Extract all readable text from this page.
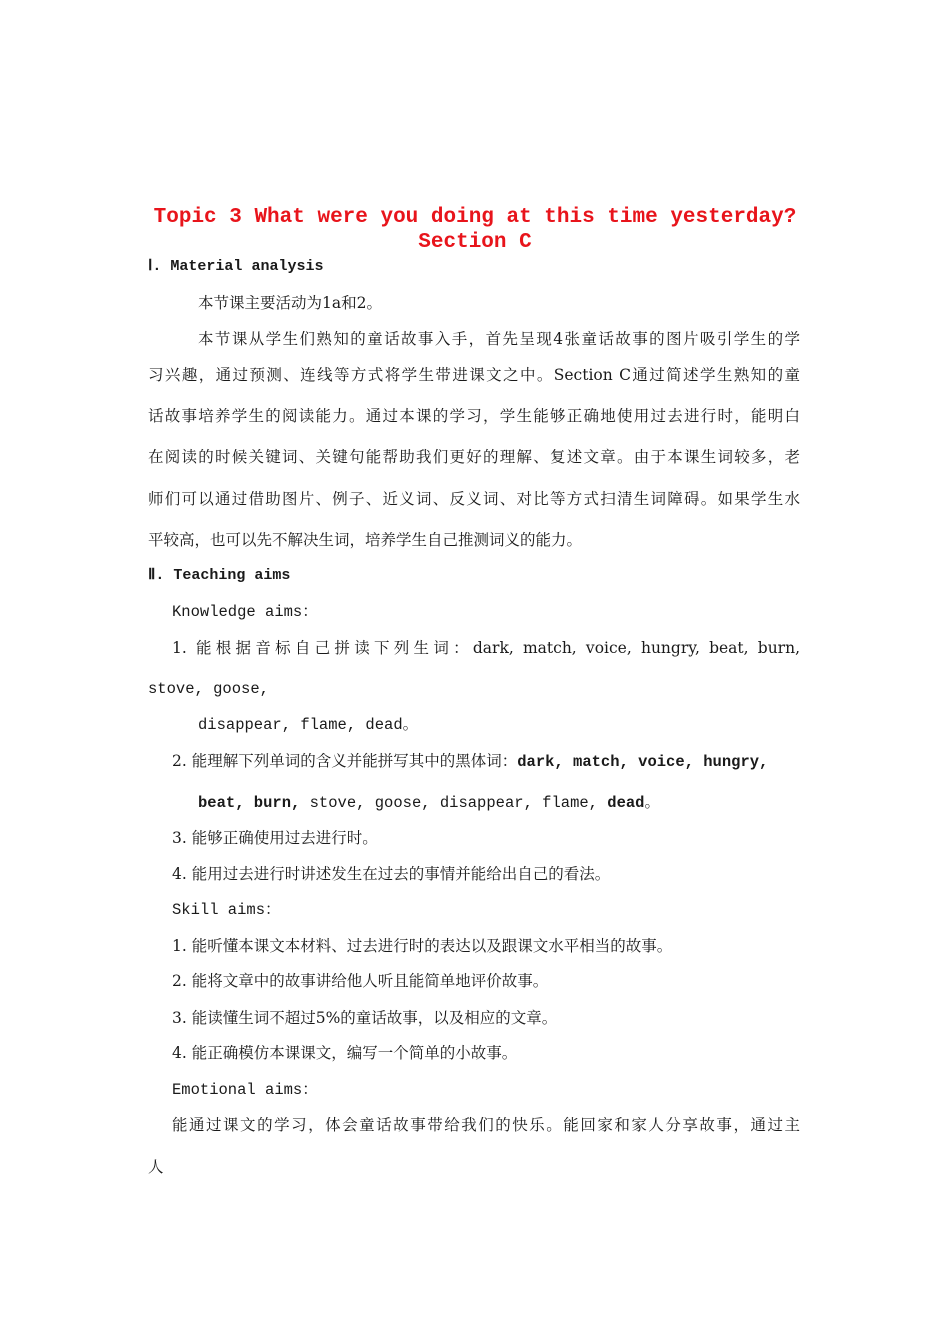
Topic 3 What were you doing at this time yesterday?
Section C
Ⅰ. Material analysis
本节课主要活动为1a和2。
本节课从学生们熟知的童话故事入手，首先呈现4张童话故事的图片吸引学生的学
习兴趣，通过预测、连线等方式将学生带进课文之中。Section C通过简述学生熟知的童
话故事培养学生的阅读能力。通过本课的学习，学生能够正确地使用过去进行时，能明白
在阅读的时候关键词、关键句能帮助我们更好的理解、复述文章。由于本课生词较多，老
师们可以通过借助图片、例子、近义词、反义词、对比等方式扫清生词障碍。如果学生水
平较高，也可以先不解决生词，培养学生自己推测词义的能力。
Ⅱ. Teaching aims
Knowledge aims：
1. 能根据音标自己拼读下列生词：dark, match, voice, hungry, beat, burn,
stove, goose,
disappear, flame, dead。
2. 能理解下列单词的含义并能拼写其中的黑体词：dark, match, voice, hungry,
beat, burn, stove, goose, disappear, flame, dead。
3. 能够正确使用过去进行时。
4. 能用过去进行时讲述发生在过去的事情并能给出自己的看法。
Skill aims：
1. 能听懂本课文本材料、过去进行时的表达以及跟课文水平相当的故事。
2. 能将文章中的故事讲给他人听且能简单地评价故事。
3. 能读懂生词不超过5%的童话故事，以及相应的文章。
4. 能正确模仿本课课文，编写一个简单的小故事。
Emotional aims：
能通过课文的学习，体会童话故事带给我们的快乐。能回家和家人分享故事，通过主
人
